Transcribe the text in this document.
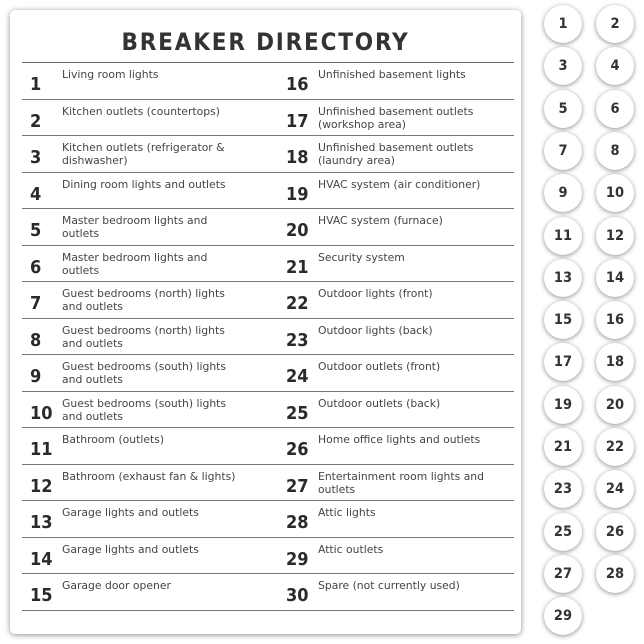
BREAKER DIRECTORY
1 Living room lights	16 Unfinished basement lights
2 Kitchen outlets (countertops)	17 Unfinished basement outlets (workshop area)
3 Kitchen outlets (refrigerator & dishwasher)	18 Unfinished basement outlets (laundry area)
4 Dining room lights and outlets	19 HVAC system (air conditioner)
5 Master bedroom lights and outlets	20 HVAC system (furnace)
6 Master bedroom lights and outlets	21 Security system
7 Guest bedrooms (north) lights and outlets	22 Outdoor lights (front)
8 Guest bedrooms (north) lights and outlets	23 Outdoor lights (back)
9 Guest bedrooms (south) lights and outlets	24 Outdoor outlets (front)
10 Guest bedrooms (south) lights and outlets	25 Outdoor outlets (back)
11 Bathroom (outlets)	26 Home office lights and outlets
12 Bathroom (exhaust fan & lights)	27 Entertainment room lights and outlets
13 Garage lights and outlets	28 Attic lights
14 Garage lights and outlets	29 Attic outlets
15 Garage door opener	30 Spare (not currently used)
1	2
3	4
5	6
7	8
9	10
11	12
13	14
15	16
17	18
19	20
21	22
23	24
25	26
27	28
29
